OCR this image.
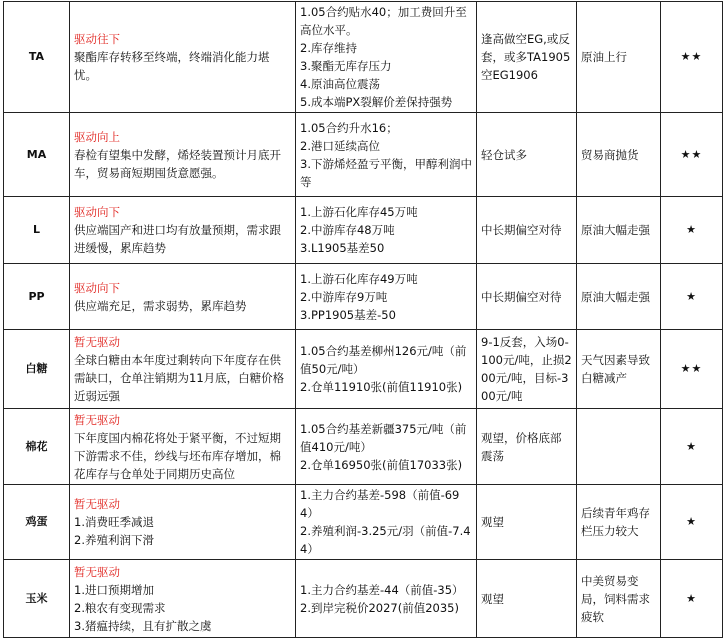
TA	驱动往下
聚酯库存转移至终端，终端消化能力堪忧。	1.05合约贴水40；加工费回升至高位水平。
2.库存维持
3.聚酯无库存压力
4.原油高位震荡
5.成本端PX裂解价差保持强势	逢高做空EG,或反套，或多TA1905空EG1906	原油上行	★★
MA	驱动向上
春检有望集中发酵，烯烃装置预计月底开车，贸易商短期囤货意愿强。	1.05合约升水16；
2.港口延续高位
3.下游烯烃盈亏平衡，甲醇利润中等	轻仓试多	贸易商抛货	★★
L	驱动向下
供应端国产和进口均有放量预期，需求跟进缓慢，累库趋势	1.上游石化库存45万吨
2.中游库存48万吨
3.L1905基差50	中长期偏空对待	原油大幅走强	★
PP	驱动向下
供应端充足，需求弱势，累库趋势	1.上游石化库存49万吨
2.中游库存9万吨
3.PP1905基差-50	中长期偏空对待	原油大幅走强	★
白糖	暂无驱动
全球白糖由本年度过剩转向下年度存在供需缺口，仓单注销期为11月底，白糖价格近弱远强	1.05合约基差柳州126元/吨（前值50元/吨）
2.仓单11910张(前值11910张)	9-1反套，入场0-100元/吨，止损200元/吨，目标-300元/吨	天气因素导致白糖减产	★★
棉花	暂无驱动
下年度国内棉花将处于紧平衡，不过短期下游需求不佳，纱线与坯布库存增加，棉花库存与仓单处于同期历史高位	1.05合约基差新疆375元/吨（前值410元/吨）
2.仓单16950张(前值17033张)	观望，价格底部震荡		★
鸡蛋	暂无驱动
1.消费旺季减退
2.养殖利润下滑	1.主力合约基差-598（前值-694）
2.养殖利润-3.25元/羽（前值-7.44）	观望	后续青年鸡存栏压力较大	★
玉米	暂无驱动
1.进口预期增加
2.粮农有变现需求
3.猪瘟持续，且有扩散之虞	1.主力合约基差-44（前值-35）
2.到岸完税价2027(前值2035)	观望	中美贸易变局，饲料需求疲软	★
